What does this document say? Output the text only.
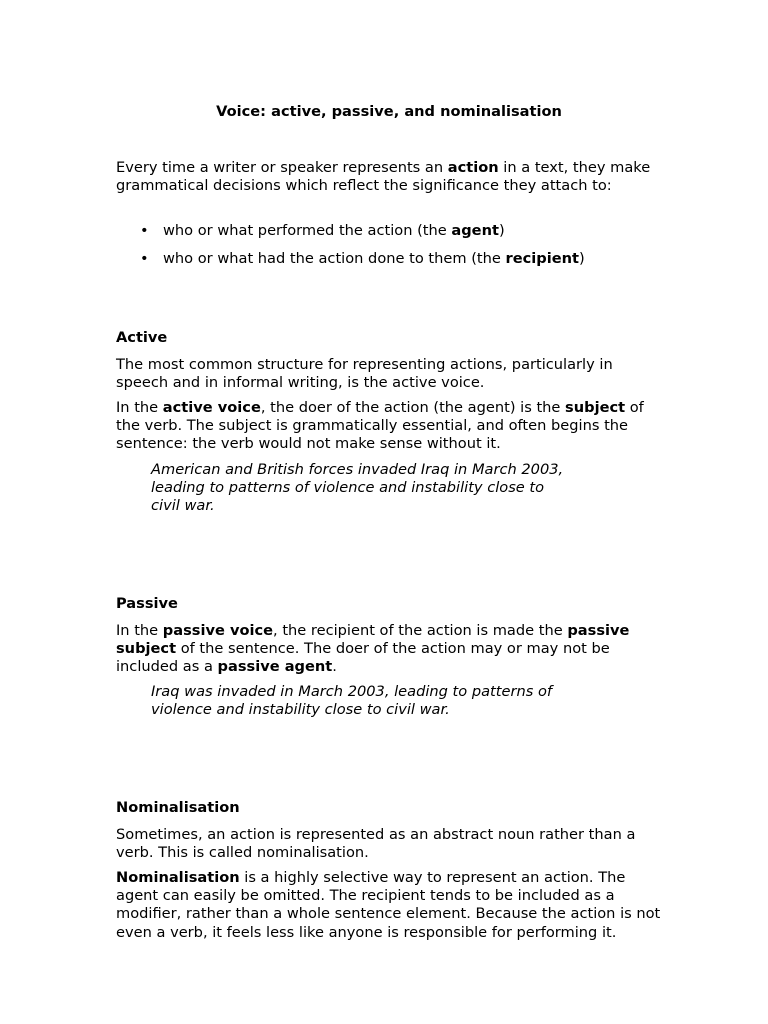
Voice: active, passive, and nominalisation

Every time a writer or speaker represents an action in a text, they make grammatical decisions which reflect the significance they attach to:

• who or what performed the action (the agent)
• who or what had the action done to them (the recipient)
Active

The most common structure for representing actions, particularly in speech and in informal writing, is the active voice.

In the active voice, the doer of the action (the agent) is the subject of the verb. The subject is grammatically essential, and often begins the sentence: the verb would not make sense without it.

American and British forces invaded Iraq in March 2003, leading to patterns of violence and instability close to civil war.

Passive

In the passive voice, the recipient of the action is made the passive subject of the sentence. The doer of the action may or may not be included as a passive agent.

Iraq was invaded in March 2003, leading to patterns of violence and instability close to civil war.

Nominalisation

Sometimes, an action is represented as an abstract noun rather than a verb. This is called nominalisation.

Nominalisation is a highly selective way to represent an action. The agent can easily be omitted. The recipient tends to be included as a modifier, rather than a whole sentence element. Because the action is not even a verb, it feels less like anyone is responsible for performing it.
